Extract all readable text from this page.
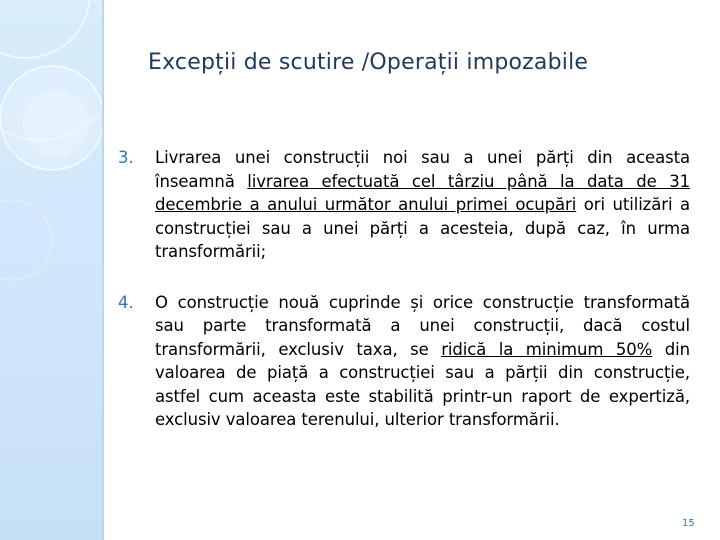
Excepții de scutire /Operații impozabile
3.	Livrarea unei construcții noi sau a unei părți din aceasta înseamnă livrarea efectuată cel târziu până la data de 31 decembrie a anului următor anului primei ocupări ori utilizări a construcției sau a unei părți a acesteia, după caz, în urma transformării;
4.	O construcție nouă cuprinde și orice construcție transformată sau parte transformată a unei construcții, dacă costul transformării, exclusiv taxa, se ridică la minimum 50% din valoarea de piață a construcției sau a părții din construcție, astfel cum aceasta este stabilită printr-un raport de expertiză, exclusiv valoarea terenului, ulterior transformării.
15
